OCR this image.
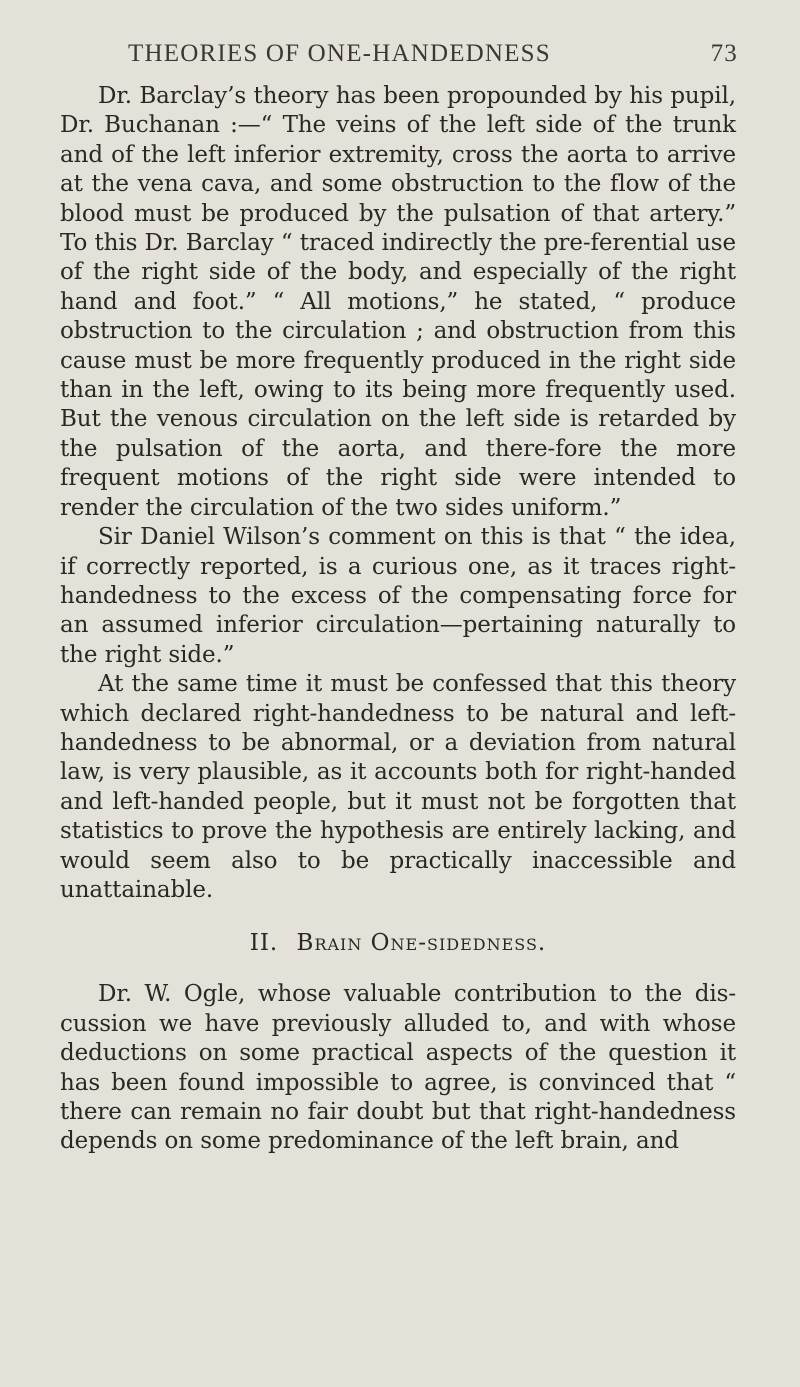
THEORIES OF ONE-HANDEDNESS	73

Dr. Barclay’s theory has been propounded by his pupil, Dr. Buchanan :—“ The veins of the left side of the trunk and of the left inferior extremity, cross the aorta to arrive at the vena cava, and some obstruction to the flow of the blood must be produced by the pulsation of that artery.” To this Dr. Barclay “ traced indirectly the pre-ferential use of the right side of the body, and especially of the right hand and foot.” “ All motions,” he stated, “ produce obstruction to the circulation ; and obstruction from this cause must be more frequently produced in the right side than in the left, owing to its being more frequently used. But the venous circulation on the left side is retarded by the pulsation of the aorta, and there-fore the more frequent motions of the right side were intended to render the circulation of the two sides uniform.”

Sir Daniel Wilson’s comment on this is that “ the idea, if correctly reported, is a curious one, as it traces right-handedness to the excess of the compensating force for an assumed inferior circulation—pertaining naturally to the right side.”

At the same time it must be confessed that this theory which declared right-handedness to be natural and left-handedness to be abnormal, or a deviation from natural law, is very plausible, as it accounts both for right-handed and left-handed people, but it must not be forgotten that statistics to prove the hypothesis are entirely lacking, and would seem also to be practically inaccessible and unattainable.

II. Brain One-sidedness.

Dr. W. Ogle, whose valuable contribution to the dis-cussion we have previously alluded to, and with whose deductions on some practical aspects of the question it has been found impossible to agree, is convinced that “ there can remain no fair doubt but that right-handedness depends on some predominance of the left brain, and
